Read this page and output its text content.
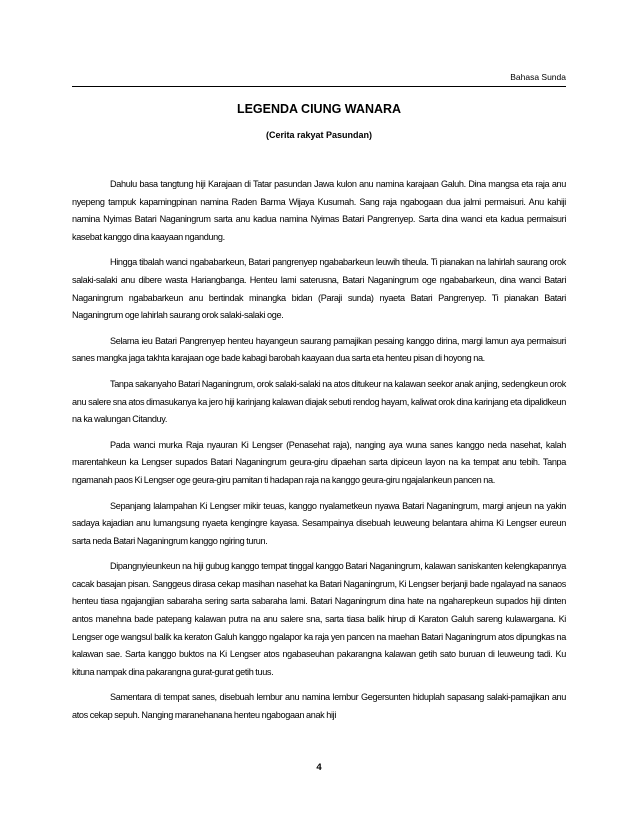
Bahasa Sunda
LEGENDA CIUNG WANARA
(Cerita rakyat Pasundan)

Dahulu basa tangtung hiji Karajaan di Tatar pasundan Jawa kulon anu namina karajaan Galuh. Dina mangsa eta raja anu nyepeng tampuk kapamingpinan namina Raden Barma Wijaya Kusumah. Sang raja ngabogaan dua jalmi permaisuri. Anu kahiji namina Nyimas Batari Naganingrum sarta anu kadua namina Nyimas Batari Pangrenyep. Sarta dina wanci eta kadua permaisuri kasebat kanggo dina kaayaan ngandung.

Hingga tibalah wanci ngababarkeun, Batari pangrenyep ngababarkeun leuwih tiheula. Ti pianakan na lahirlah saurang orok salaki-salaki anu dibere wasta Hariangbanga. Henteu lami saterusna, Batari Naganingrum oge ngababarkeun, dina wanci Batari Naganingrum ngababarkeun anu bertindak minangka bidan (Paraji sunda) nyaeta Batari Pangrenyep. Ti pianakan Batari Naganingrum oge lahirlah saurang orok salaki-salaki oge.

Selama ieu Batari Pangrenyep henteu hayangeun saurang pamajikan pesaing kanggo dirina, margi lamun aya permaisuri sanes mangka jaga takhta karajaan oge bade kabagi barobah kaayaan dua sarta eta henteu pisan di hoyong na.

Tanpa sakanyaho Batari Naganingrum, orok salaki-salaki na atos ditukeur na kalawan seekor anak anjing, sedengkeun orok anu salere sna atos dimasukanya ka jero hiji karinjang kalawan diajak sebuti rendog hayam, kaliwat orok dina karinjang eta dipalidkeun na ka walungan Citanduy.

Pada wanci murka Raja nyauran Ki Lengser (Penasehat raja), nanging aya wuna sanes kanggo neda nasehat, kalah marentahkeun ka Lengser supados Batari Naganingrum geura-giru dipaehan sarta dipiceun layon na ka tempat anu tebih. Tanpa ngamanah paos Ki Lengser oge geura-giru pamitan ti hadapan raja na kanggo geura-giru ngajalankeun pancen na.

Sepanjang lalampahan Ki Lengser mikir teuas, kanggo nyalametkeun nyawa Batari Naganingrum, margi anjeun na yakin sadaya kajadian anu lumangsung nyaeta kengingre kayasa. Sesampainya disebuah leuweung belantara ahirna Ki Lengser eureun sarta neda Batari Naganingrum kanggo ngiring turun.

Dipangnyieunkeun na hiji gubug kanggo tempat tinggal kanggo Batari Naganingrum, kalawan saniskanten kelengkapannya cacak basajan pisan. Sanggeus dirasa cekap masihan nasehat ka Batari Naganingrum, Ki Lengser berjanji bade ngalayad na sanaos henteu tiasa ngajangjian sabaraha sering sarta sabaraha lami. Batari Naganingrum dina hate na ngaharepkeun supados hiji dinten antos manehna bade patepang kalawan putra na anu salere sna, sarta tiasa balik hirup di Karaton Galuh sareng kulawargana. Ki Lengser oge wangsul balik ka keraton Galuh kanggo ngalapor ka raja yen pancen na maehan Batari Naganingrum atos dipungkas na kalawan sae. Sarta kanggo buktos na Ki Lengser atos ngabaseuhan pakarangna kalawan getih sato buruan di leuweung tadi. Ku kituna nampak dina pakarangna gurat-gurat getih tuus.

Samentara di tempat sanes, disebuah lembur anu namina lembur Gegersunten hiduplah sapasang salaki-pamajikan anu atos cekap sepuh. Nanging maranehanana henteu ngabogaan anak hiji

4
